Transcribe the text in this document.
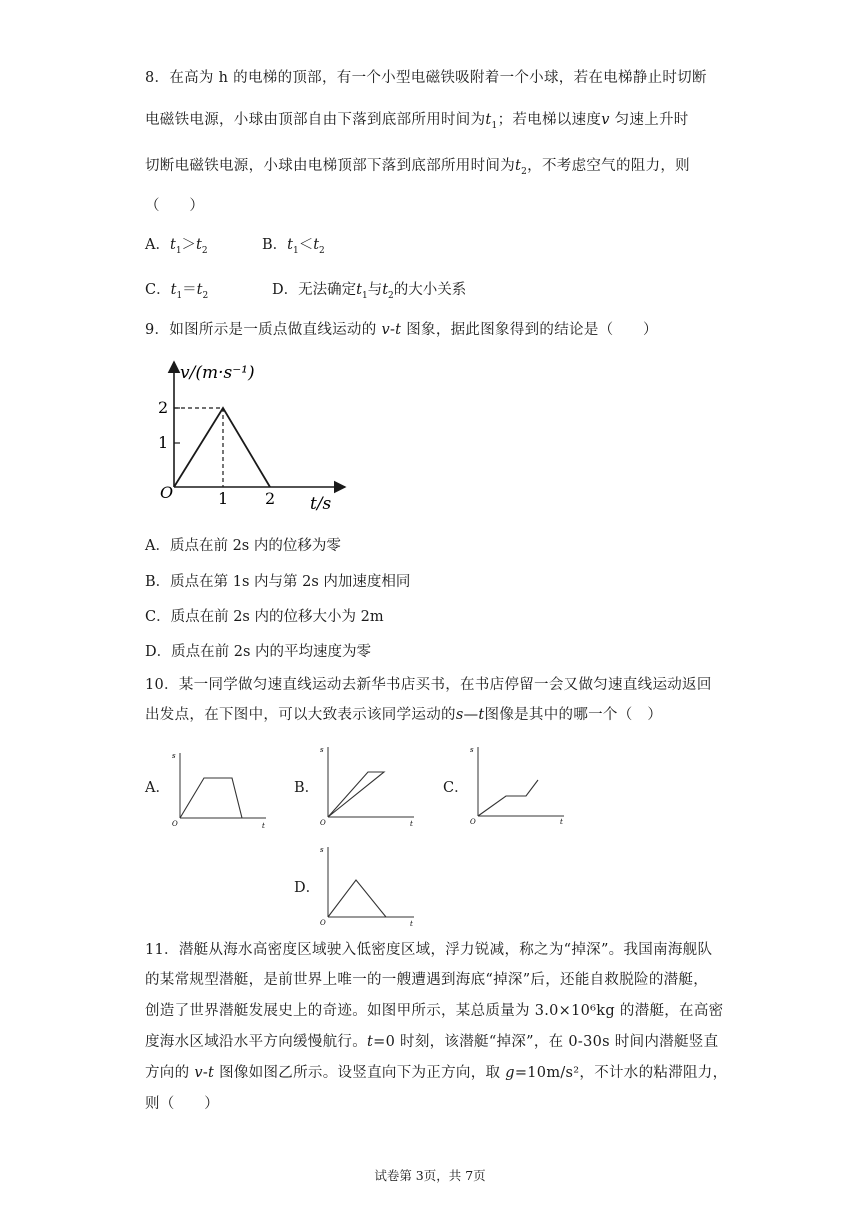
8．在高为 h 的电梯的顶部，有一个小型电磁铁吸附着一个小球，若在电梯静止时切断
电磁铁电源，小球由顶部自由下落到底部所用时间为$t_1$；若电梯以速度v 匀速上升时
切断电磁铁电源，小球由电梯顶部下落到底部所用时间为$t_2$，不考虑空气的阻力，则
（　　）
A．$t_1>t_2$	B．$t_1<t_2$
C．$t_1=t_2$	D．无法确定$t_1$与$t_2$的大小关系
9．如图所示是一质点做直线运动的 v-t 图象，据此图象得到的结论是（　　）
v/(m·s⁻¹)
t/s
O
2
1
1 2
A．质点在前 2s 内的位移为零
B．质点在第 1s 内与第 2s 内加速度相同
C．质点在前 2s 内的位移大小为 2m
D．质点在前 2s 内的平均速度为零
10．某一同学做匀速直线运动去新华书店买书，在书店停留一会又做匀速直线运动返回
出发点，在下图中，可以大致表示该同学运动的s—t图像是其中的哪一个（　）
A．
s
t
O
B．
s
t
O
C．
s
t
O
D．
s
t
O
11．潜艇从海水高密度区域驶入低密度区域，浮力锐减，称之为“掉深”。我国南海舰队
的某常规型潜艇，是前世界上唯一的一艘遭遇到海底“掉深”后，还能自救脱险的潜艇，
创造了世界潜艇发展史上的奇迹。如图甲所示，某总质量为 3.0×10⁶kg 的潜艇，在高密
度海水区域沿水平方向缓慢航行。t=0 时刻，该潜艇“掉深”，在 0-30s 时间内潜艇竖直
方向的 v-t 图像如图乙所示。设竖直向下为正方向，取 g=10m/s²，不计水的粘滞阻力，
则（　　）
试卷第 3页，共 7页
